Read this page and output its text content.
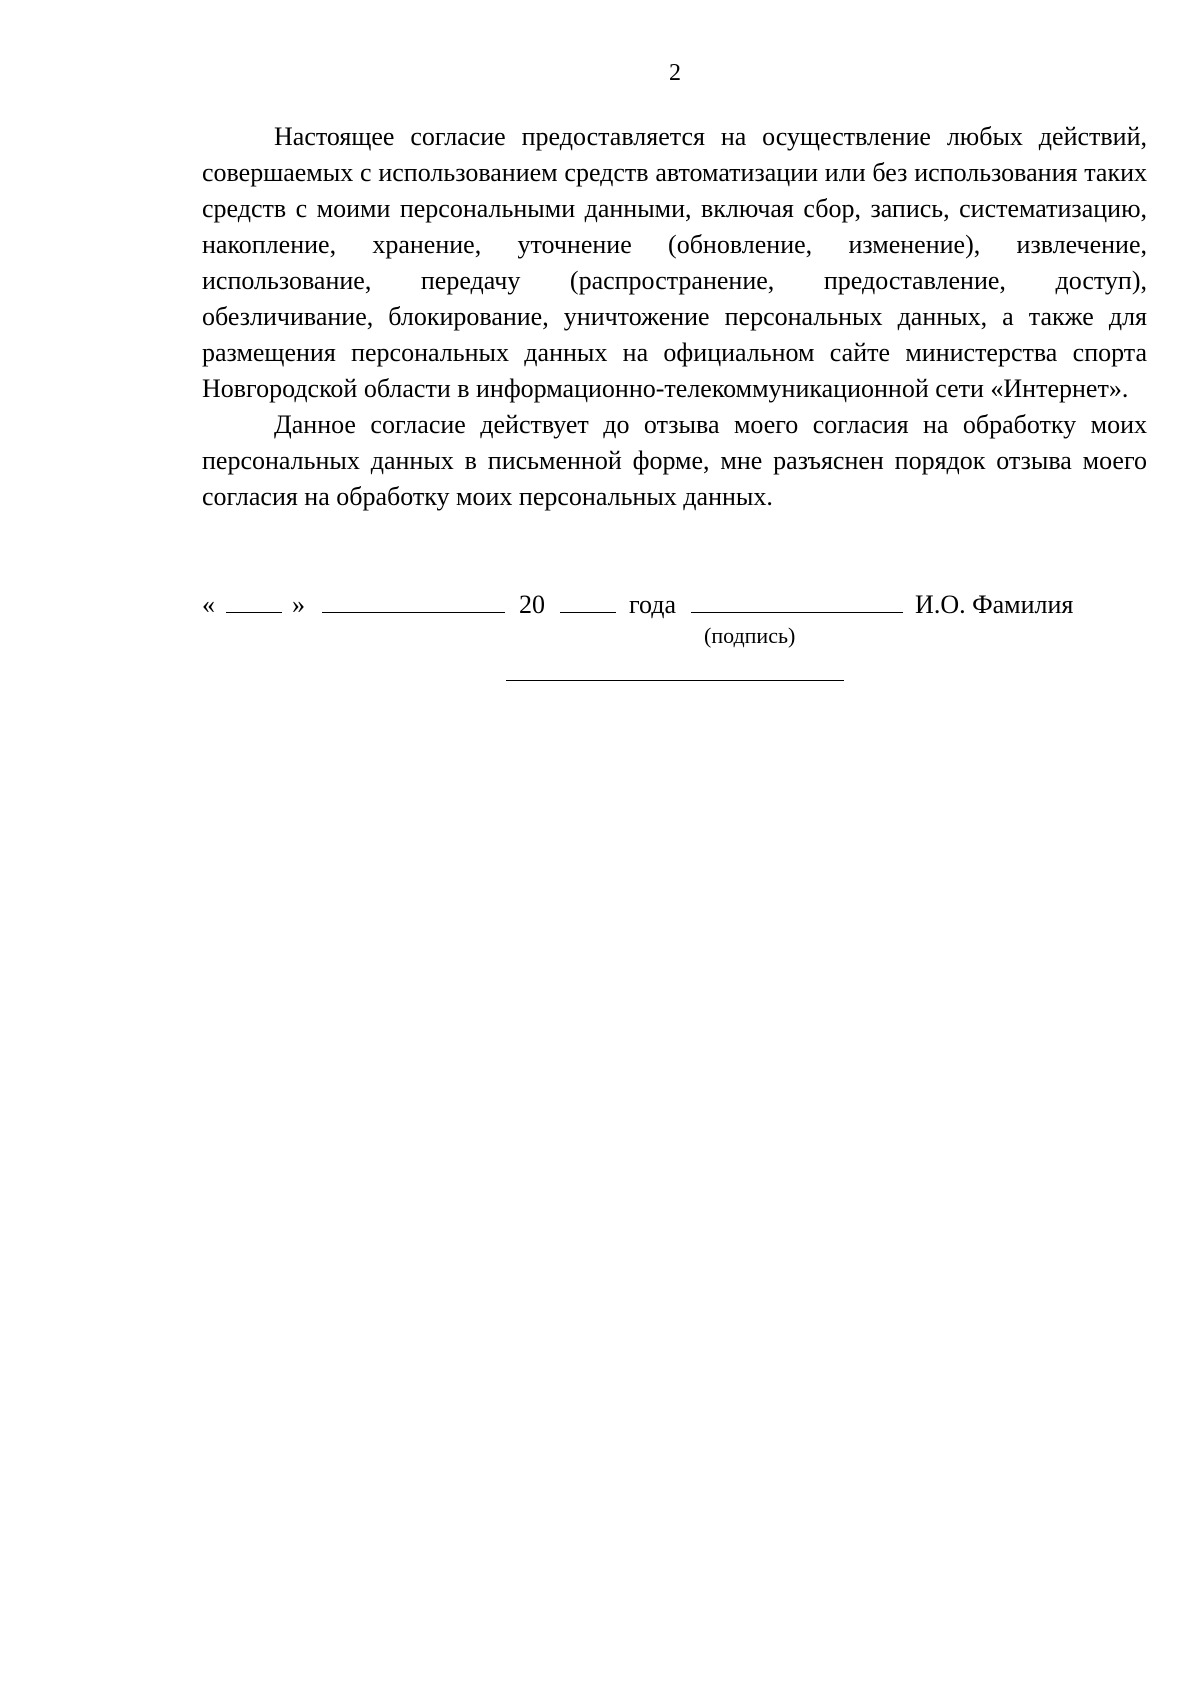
2

Настоящее согласие предоставляется на осуществление любых действий, совершаемых с использованием средств автоматизации или без использования таких средств с моими персональными данными, включая сбор, запись, систематизацию, накопление, хранение, уточнение (обновление, изменение), извлечение, использование, передачу (распространение, предоставление, доступ), обезличивание, блокирование, уничтожение персональных данных, а также для размещения персональных данных на официальном сайте министерства спорта Новгородской области в информационно-телекоммуникационной сети «Интернет».

Данное согласие действует до отзыва моего согласия на обработку моих персональных данных в письменной форме, мне разъяснен порядок отзыва моего согласия на обработку моих персональных данных.

«	»	20	года	И.О. Фамилия
(подпись)
